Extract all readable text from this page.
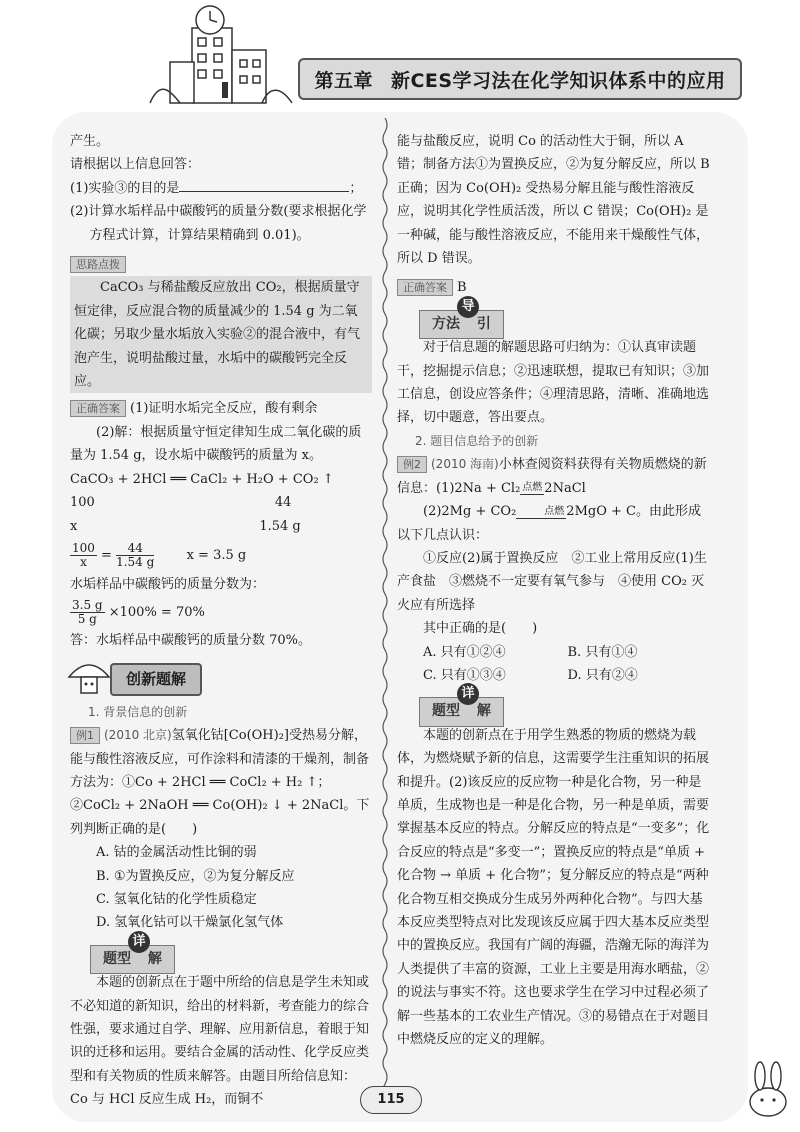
第五章 新CES学习法在化学知识体系中的应用

产生。

请根据以上信息回答：

(1)实验③的目的是	；

(2)计算水垢样品中碳酸钙的质量分数(要求根据化学方程式计算，计算结果精确到 0.01)。

思路点拨

CaCO₃ 与稀盐酸反应放出 CO₂，根据质量守恒定律，反应混合物的质量减少的 1.54 g 为二氧化碳；另取少量水垢放入实验②的混合液中，有气泡产生，说明盐酸过量，水垢中的碳酸钙完全反应。

正确答案 (1)证明水垢完全反应，酸有剩余

(2)解：根据质量守恒定律知生成二氧化碳的质量为 1.54 g，设水垢中碳酸钙的质量为 x。

CaCO₃ + 2HCl ══ CaCl₂ + H₂O + CO₂ ↑

100	44

x	1.54 g

$\frac{100}{x} = \frac{44}{1.54 g}$ x = 3.5 g

水垢样品中碳酸钙的质量分数为：

$\frac{3.5 g}{5 g} \times 100\% = 70\%$

答：水垢样品中碳酸钙的质量分数 70%。

创新题解

1. 背景信息的创新

例1 (2010 北京)氢氧化钴[Co(OH)₂]受热易分解，能与酸性溶液反应，可作涂料和清漆的干燥剂，制备方法为：①Co + 2HCl ══ CoCl₂ + H₂ ↑；②CoCl₂ + 2NaOH ══ Co(OH)₂ ↓ + 2NaCl。下列判断正确的是(　　)

A. 钴的金属活动性比铜的弱

B. ①为置换反应，②为复分解反应

C. 氢氧化钴的化学性质稳定

D. 氢氧化钴可以干燥氯化氢气体

题型 解
详

本题的创新点在于题中所给的信息是学生未知或不必知道的新知识，给出的材料新，考查能力的综合性强，要求通过自学、理解、应用新信息，着眼于知识的迁移和运用。要结合金属的活动性、化学反应类型和有关物质的性质来解答。由题目所给信息知：Co 与 HCl 反应生成 H₂，而铜不

能与盐酸反应，说明 Co 的活动性大于铜，所以 A 错；制备方法①为置换反应，②为复分解反应，所以 B 正确；因为 Co(OH)₂ 受热易分解且能与酸性溶液反应，说明其化学性质活泼，所以 C 错误；Co(OH)₂ 是一种碱，能与酸性溶液反应，不能用来干燥酸性气体，所以 D 错误。

正确答案 B

方法 引
导

对于信息题的解题思路可归纳为：①认真审读题干，挖掘提示信息；②迅速联想，提取已有知识；③加工信息，创设应答条件；④理清思路，清晰、准确地选择，切中题意，答出要点。

2. 题目信息给予的创新

例2 (2010 海南)小林查阅资料获得有关物质燃烧的新信息：(1)2Na + Cl₂ 点燃 2NaCl

(2)2Mg + CO₂	点燃 2MgO + C。由此形成以下几点认识：

①反应(2)属于置换反应　②工业上常用反应(1)生产食盐　③燃烧不一定要有氧气参与　④使用 CO₂ 灭火应有所选择

其中正确的是(　　)

A. 只有①②④	B. 只有①④
C. 只有①③④	D. 只有②④
题型 解
详

本题的创新点在于用学生熟悉的物质的燃烧为载体，为燃烧赋予新的信息，这需要学生注重知识的拓展和提升。(2)该反应的反应物一种是化合物，另一种是单质，生成物也是一种是化合物，另一种是单质，需要掌握基本反应的特点。分解反应的特点是“一变多”；化合反应的特点是“多变一”；置换反应的特点是“单质 + 化合物 → 单质 + 化合物”；复分解反应的特点是“两种化合物互相交换成分生成另外两种化合物”。与四大基本反应类型特点对比发现该反应属于四大基本反应类型中的置换反应。我国有广阔的海疆，浩瀚无际的海洋为人类提供了丰富的资源，工业上主要是用海水晒盐，②的说法与事实不符。这也要求学生在学习中过程必须了解一些基本的工农业生产情况。③的易错点在于对题目中燃烧反应的定义的理解。

115
